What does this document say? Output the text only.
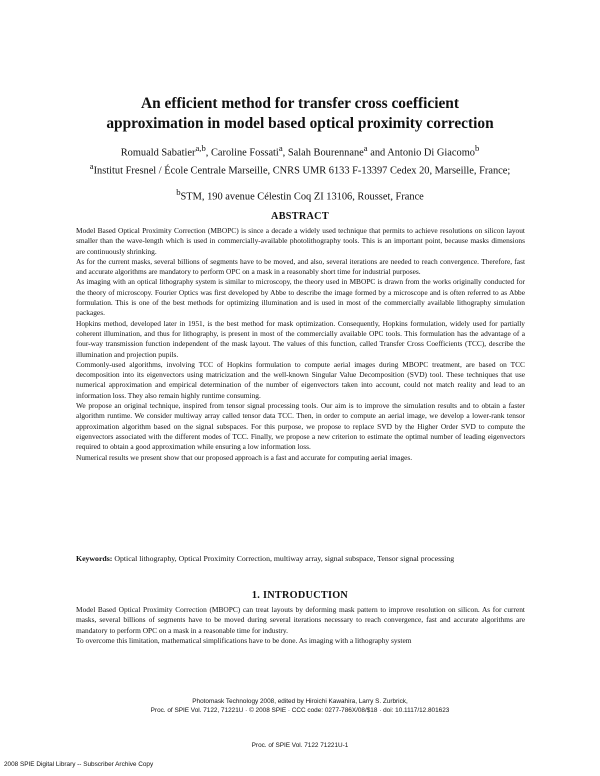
An efficient method for transfer cross coefficient
approximation in model based optical proximity correction
Romuald Sabatier$^{a,b}$, Caroline Fossati$^a$, Salah Bourennane$^a$ and Antonio Di Giacomo$^b$
$^a$Institut Fresnel / École Centrale Marseille, CNRS UMR 6133 F-13397 Cedex 20, Marseille, France;
$^b$STM, 190 avenue Célestin Coq ZI 13106, Rousset, France
ABSTRACT

Model Based Optical Proximity Correction (MBOPC) is since a decade a widely used technique that permits to achieve resolutions on silicon layout smaller than the wave-length which is used in commercially-available photolithography tools. This is an important point, because masks dimensions are continuously shrinking.

As for the current masks, several billions of segments have to be moved, and also, several iterations are needed to reach convergence. Therefore, fast and accurate algorithms are mandatory to perform OPC on a mask in a reasonably short time for industrial purposes.

As imaging with an optical lithography system is similar to microscopy, the theory used in MBOPC is drawn from the works originally conducted for the theory of microscopy. Fourier Optics was first developed by Abbe to describe the image formed by a microscope and is often referred to as Abbe formulation. This is one of the best methods for optimizing illumination and is used in most of the commercially available lithography simulation packages.

Hopkins method, developed later in 1951, is the best method for mask optimization. Consequently, Hopkins formulation, widely used for partially coherent illumination, and thus for lithography, is present in most of the commercially available OPC tools. This formulation has the advantage of a four-way transmission function independent of the mask layout. The values of this function, called Transfer Cross Coefficients (TCC), describe the illumination and projection pupils.

Commonly-used algorithms, involving TCC of Hopkins formulation to compute aerial images during MBOPC treatment, are based on TCC decomposition into its eigenvectors using matricization and the well-known Singular Value Decomposition (SVD) tool. These techniques that use numerical approximation and empirical determination of the number of eigenvectors taken into account, could not match reality and lead to an information loss. They also remain highly runtime consuming.

We propose an original technique, inspired from tensor signal processing tools. Our aim is to improve the simulation results and to obtain a faster algorithm runtime. We consider multiway array called tensor data TCC. Then, in order to compute an aerial image, we develop a lower-rank tensor approximation algorithm based on the signal subspaces. For this purpose, we propose to replace SVD by the Higher Order SVD to compute the eigenvectors associated with the different modes of TCC. Finally, we propose a new criterion to estimate the optimal number of leading eigenvectors required to obtain a good approximation while ensuring a low information loss.

Numerical results we present show that our proposed approach is a fast and accurate for computing aerial images.

Keywords: Optical lithography, Optical Proximity Correction, multiway array, signal subspace, Tensor signal processing

1. INTRODUCTION

Model Based Optical Proximity Correction (MBOPC) can treat layouts by deforming mask pattern to improve resolution on silicon. As for current masks, several billions of segments have to be moved during several iterations necessary to reach convergence, fast and accurate algorithms are mandatory to perform OPC on a mask in a reasonable time for industry.

To overcome this limitation, mathematical simplifications have to be done. As imaging with a lithography system

Photomask Technology 2008, edited by Hiroichi Kawahira, Larry S. Zurbrick,
Proc. of SPIE Vol. 7122, 71221U · © 2008 SPIE · CCC code: 0277-786X/08/$18 · doi: 10.1117/12.801623
Proc. of SPIE Vol. 7122 71221U-1
2008 SPIE Digital Library -- Subscriber Archive Copy
